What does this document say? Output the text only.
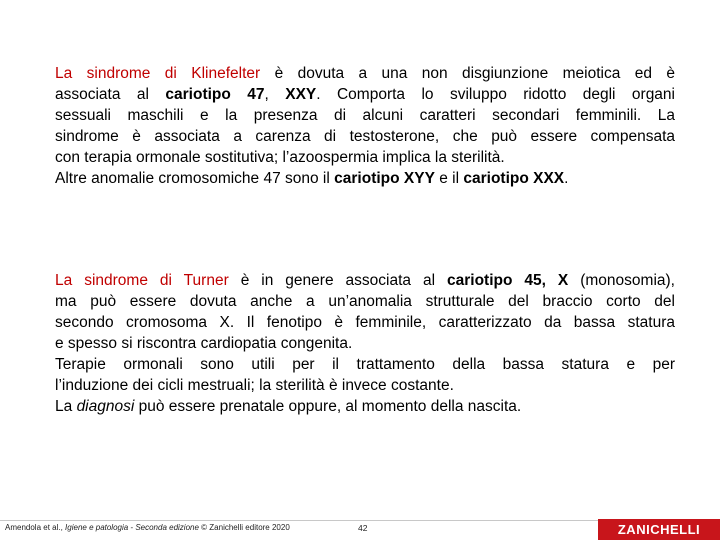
La sindrome di Klinefelter è dovuta a una non disgiunzione meiotica ed è
associata al cariotipo 47, XXY. Comporta lo sviluppo ridotto degli organi
sessuali maschili e la presenza di alcuni caratteri secondari femminili. La
sindrome è associata a carenza di testosterone, che può essere compensata
con terapia ormonale sostitutiva; l’azoospermia implica la sterilità.
Altre anomalie cromosomiche 47 sono il cariotipo XYY e il cariotipo XXX.
La sindrome di Turner è in genere associata al cariotipo 45, X (monosomia),
ma può essere dovuta anche a un’anomalia strutturale del braccio corto del
secondo cromosoma X. Il fenotipo è femminile, caratterizzato da bassa statura
e spesso si riscontra cardiopatia congenita.
Terapie ormonali sono utili per il trattamento della bassa statura e per
l’induzione dei cicli mestruali; la sterilità è invece costante.
La diagnosi può essere prenatale oppure, al momento della nascita.
Amendola et al., Igiene e patologia - Seconda edizione © Zanichelli editore 2020	42	ZANICHELLI
